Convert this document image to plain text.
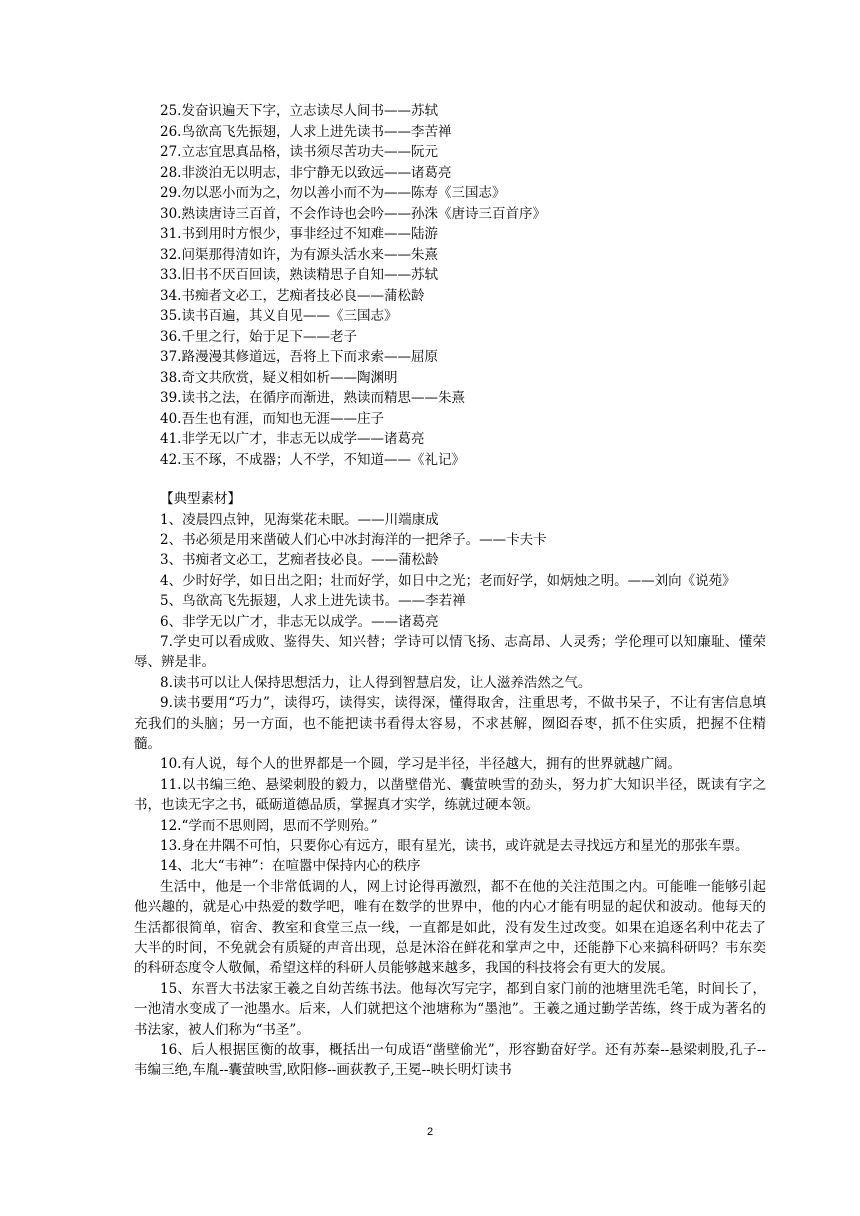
25.发奋识遍天下字，立志读尽人间书——苏轼
26.鸟欲高飞先振翅，人求上进先读书——李苦禅
27.立志宜思真品格，读书须尽苦功夫——阮元
28.非淡泊无以明志，非宁静无以致远——诸葛亮
29.勿以恶小而为之，勿以善小而不为——陈寿《三国志》
30.熟读唐诗三百首，不会作诗也会吟——孙洙《唐诗三百首序》
31.书到用时方恨少，事非经过不知难——陆游
32.问渠那得清如许，为有源头活水来——朱熹
33.旧书不厌百回读，熟读精思子自知——苏轼
34.书痴者文必工，艺痴者技必良——蒲松龄
35.读书百遍，其义自见——《三国志》
36.千里之行，始于足下——老子
37.路漫漫其修道远，吾将上下而求索——屈原
38.奇文共欣赏，疑义相如析——陶渊明
39.读书之法，在循序而渐进，熟读而精思——朱熹
40.吾生也有涯，而知也无涯——庄子
41.非学无以广才，非志无以成学——诸葛亮
42.玉不琢，不成器；人不学，不知道——《礼记》
【典型素材】

1、凌晨四点钟，见海棠花未眠。——川端康成

2、书必须是用来凿破人们心中冰封海洋的一把斧子。——卡夫卡

3、书痴者文必工，艺痴者技必良。——蒲松龄

4、少时好学，如日出之阳；壮而好学，如日中之光；老而好学，如炳烛之明。——刘向《说苑》

5、鸟欲高飞先振翅，人求上进先读书。——李若禅

6、非学无以广才，非志无以成学。——诸葛亮

7.学史可以看成败、鉴得失、知兴替；学诗可以情飞扬、志高昂、人灵秀；学伦理可以知廉耻、懂荣辱、辨是非。

8.读书可以让人保持思想活力，让人得到智慧启发，让人滋养浩然之气。

9.读书要用“巧力”，读得巧，读得实，读得深，懂得取舍，注重思考，不做书呆子，不让有害信息填充我们的头脑；另一方面，也不能把读书看得太容易，不求甚解，囫囵吞枣，抓不住实质，把握不住精髓。

10.有人说，每个人的世界都是一个圆，学习是半径，半径越大，拥有的世界就越广阔。

11.以书编三绝、悬梁刺股的毅力，以凿壁借光、囊萤映雪的劲头，努力扩大知识半径，既读有字之书，也读无字之书，砥砺道德品质，掌握真才实学，练就过硬本领。

12.“学而不思则罔，思而不学则殆。”

13.身在井隅不可怕，只要你心有远方，眼有星光，读书，或许就是去寻找远方和星光的那张车票。

14、北大“韦神”：在喧嚣中保持内心的秩序

生活中，他是一个非常低调的人，网上讨论得再激烈，都不在他的关注范围之内。可能唯一能够引起他兴趣的，就是心中热爱的数学吧，唯有在数学的世界中，他的内心才能有明显的起伏和波动。他每天的生活都很简单，宿舍、教室和食堂三点一线，一直都是如此，没有发生过改变。如果在追逐名利中花去了大半的时间，不免就会有质疑的声音出现，总是沐浴在鲜花和掌声之中，还能静下心来搞科研吗？韦东奕的科研态度令人敬佩，希望这样的科研人员能够越来越多，我国的科技将会有更大的发展。

15、东晋大书法家王羲之自幼苦练书法。他每次写完字，都到自家门前的池塘里洗毛笔，时间长了，一池清水变成了一池墨水。后来，人们就把这个池塘称为“墨池”。王羲之通过勤学苦练，终于成为著名的书法家，被人们称为“书圣”。

16、后人根据匡衡的故事，概括出一句成语“凿壁偷光”，形容勤奋好学。还有苏秦--悬梁刺股,孔子--韦编三绝,车胤--囊萤映雪,欧阳修--画荻教子,王冕--映长明灯读书

2
